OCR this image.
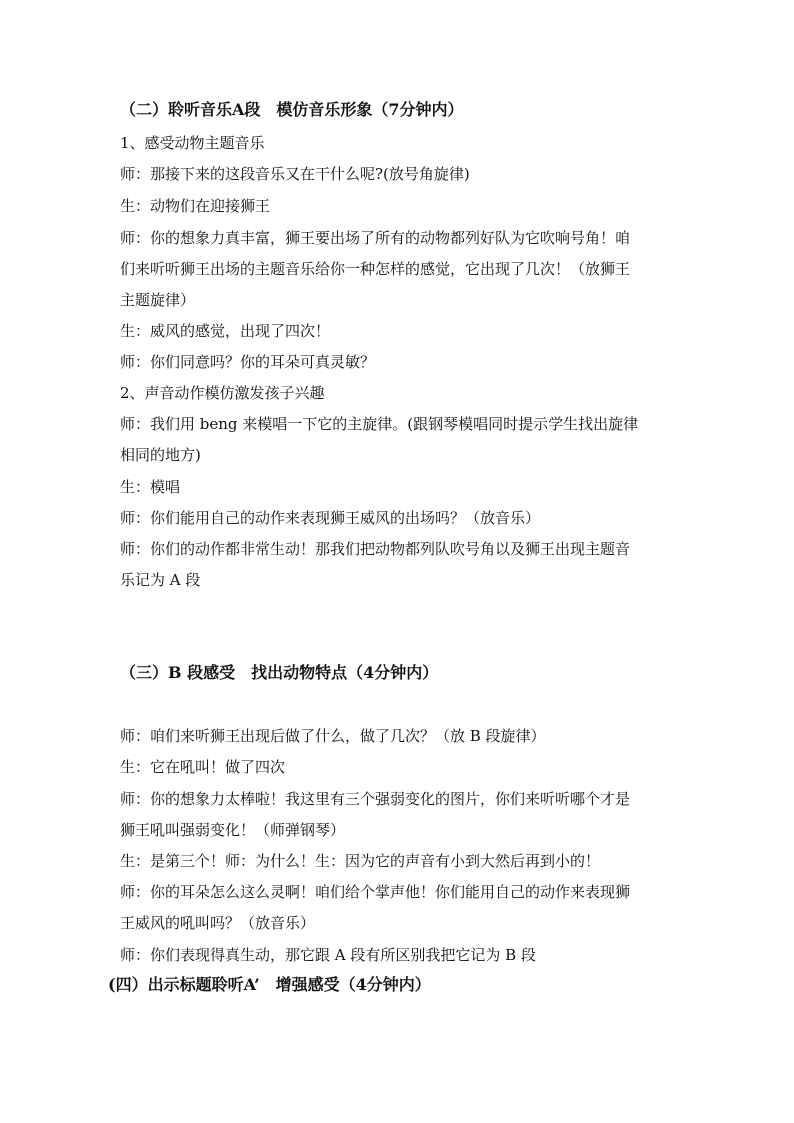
（二）聆听音乐A段　模仿音乐形象（7分钟内）
1、感受动物主题音乐
师：那接下来的这段音乐又在干什么呢?(放号角旋律)
生：动物们在迎接狮王
师：你的想象力真丰富，狮王要出场了所有的动物都列好队为它吹响号角！咱
们来听听狮王出场的主题音乐给你一种怎样的感觉，它出现了几次！（放狮王
主题旋律）
生：威风的感觉，出现了四次！
师：你们同意吗？你的耳朵可真灵敏？
2、声音动作模仿激发孩子兴趣
师：我们用 beng 来模唱一下它的主旋律。(跟钢琴模唱同时提示学生找出旋律
相同的地方)
生：模唱
师：你们能用自己的动作来表现狮王威风的出场吗？（放音乐）
师：你们的动作都非常生动！那我们把动物都列队吹号角以及狮王出现主题音
乐记为 A 段
（三）B 段感受　找出动物特点（4分钟内）
师：咱们来听狮王出现后做了什么，做了几次？（放 B 段旋律）
生：它在吼叫！做了四次
师：你的想象力太棒啦！我这里有三个强弱变化的图片，你们来听听哪个才是
狮王吼叫强弱变化！（师弹钢琴）
生：是第三个！师：为什么！生：因为它的声音有小到大然后再到小的！
师：你的耳朵怎么这么灵啊！咱们给个掌声他！你们能用自己的动作来表现狮
王威风的吼叫吗？（放音乐）
师：你们表现得真生动，那它跟 A 段有所区别我把它记为 B 段
(四）出示标题聆听A’　增强感受（4分钟内）
